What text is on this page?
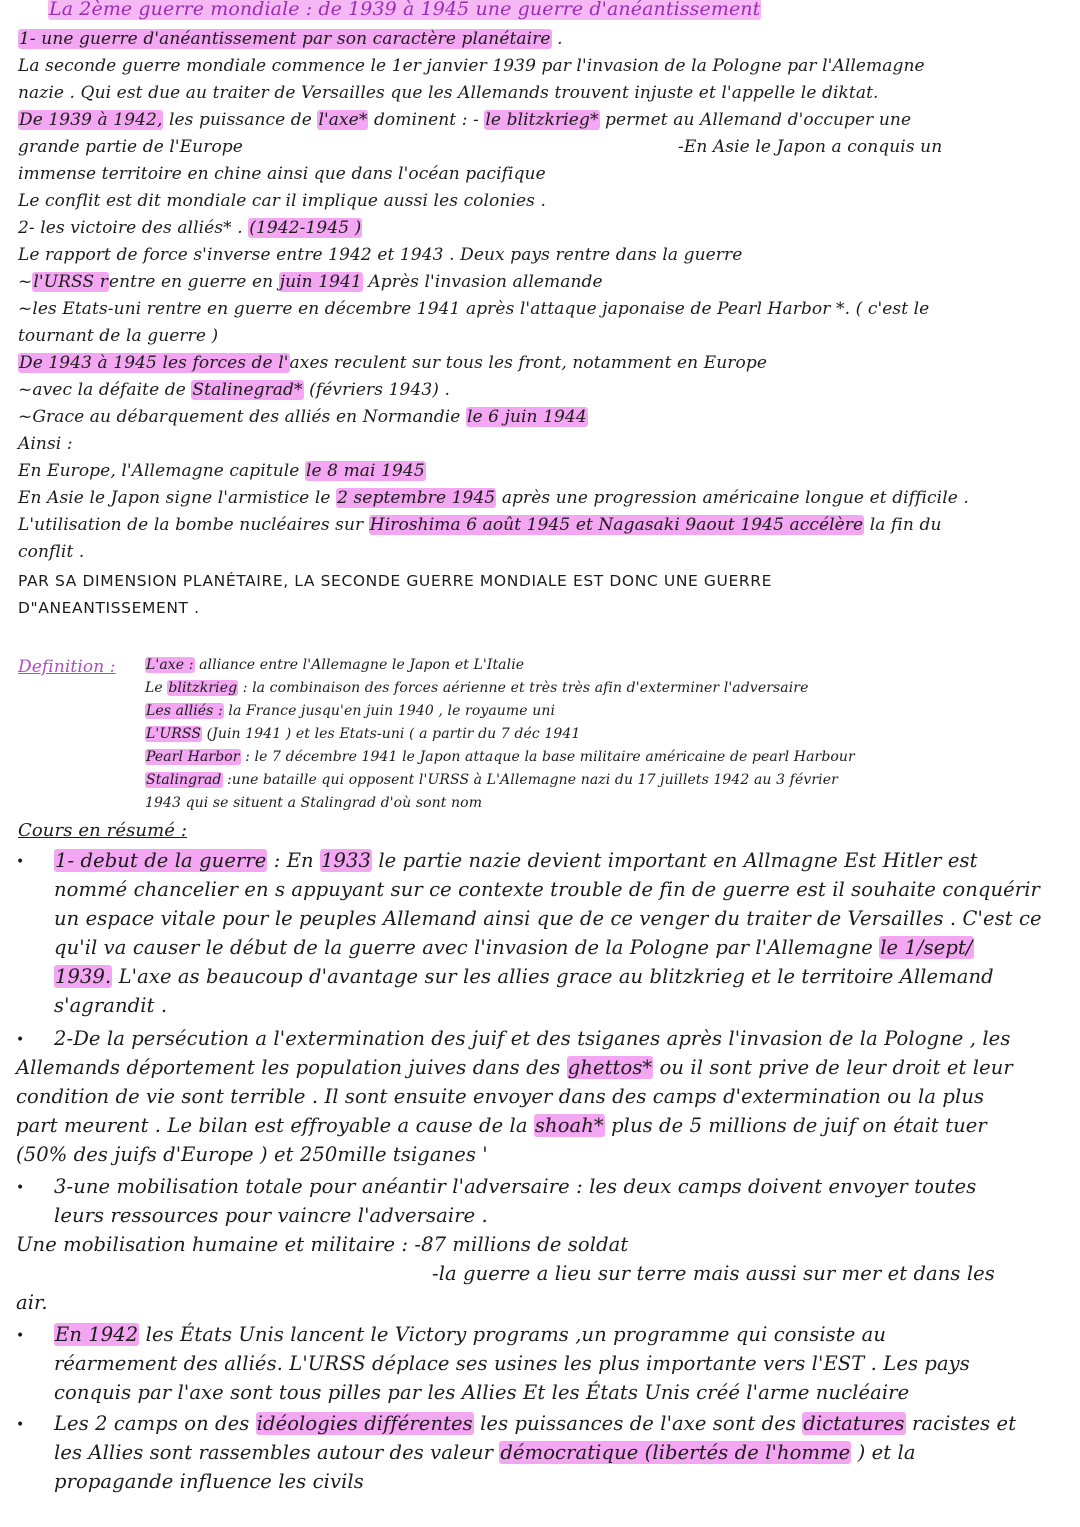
La 2ème guerre mondiale : de 1939 à 1945 une guerre d'anéantissement
1- une guerre d'anéantissement par son caractère planétaire .
La seconde guerre mondiale commence le 1er janvier 1939 par l'invasion de la Pologne par l'Allemagne
nazie . Qui est due au traiter de Versailles que les Allemands trouvent injuste et l'appelle le diktat.
De 1939 à 1942, les puissance de l'axe* dominent : - le blitzkrieg* permet au Allemand d'occuper une
grande partie de l'Europe	-En Asie le Japon a conquis un
immense territoire en chine ainsi que dans l'océan pacifique
Le conflit est dit mondiale car il implique aussi les colonies .
2- les victoire des alliés* . (1942-1945 )
Le rapport de force s'inverse entre 1942 et 1943 . Deux pays rentre dans la guerre
~l'URSS rentre en guerre en juin 1941 Après l'invasion allemande
~les Etats-uni rentre en guerre en décembre 1941 après l'attaque japonaise de Pearl Harbor *. ( c'est le
tournant de la guerre )
De 1943 à 1945 les forces de l'axes reculent sur tous les front, notamment en Europe
~avec la défaite de Stalinegrad* (févriers 1943) .
~Grace au débarquement des alliés en Normandie le 6 juin 1944
Ainsi :
En Europe, l'Allemagne capitule le 8 mai 1945
En Asie le Japon signe l'armistice le 2 septembre 1945 après une progression américaine longue et difficile .
L'utilisation de la bombe nucléaires sur Hiroshima 6 août 1945 et Nagasaki 9aout 1945 accélère la fin du
conflit .
PAR SA DIMENSION PLANÉTAIRE, LA SECONDE GUERRE MONDIALE EST DONC UNE GUERRE
D"ANEANTISSEMENT .
Definition : L'axe : alliance entre l'Allemagne le Japon et L'Italie
Le blitzkrieg : la combinaison des forces aérienne et très très afin d'exterminer l'adversaire
Les alliés : la France jusqu'en juin 1940 , le royaume uni
L'URSS (Juin 1941 ) et les Etats-uni ( a partir du 7 déc 1941
Pearl Harbor : le 7 décembre 1941 le Japon attaque la base militaire américaine de pearl Harbour
Stalingrad :une bataille qui opposent l'URSS à L'Allemagne nazi du 17 juillets 1942 au 3 février
1943 qui se situent a Stalingrad d'où sont nom
Cours en résumé :
• 1- debut de la guerre : En 1933 le partie nazie devient important en Allmagne Est Hitler est
nommé chancelier en s appuyant sur ce contexte trouble de fin de guerre est il souhaite conquérir
un espace vitale pour le peuples Allemand ainsi que de ce venger du traiter de Versailles . C'est ce
qu'il va causer le début de la guerre avec l'invasion de la Pologne par l'Allemagne le 1/sept/
1939. L'axe as beaucoup d'avantage sur les allies grace au blitzkrieg et le territoire Allemand
s'agrandit .
• 2-De la persécution a l'extermination des juif et des tsiganes après l'invasion de la Pologne , les
Allemands déportement les population juives dans des ghettos* ou il sont prive de leur droit et leur
condition de vie sont terrible . Il sont ensuite envoyer dans des camps d'extermination ou la plus
part meurent . Le bilan est effroyable a cause de la shoah* plus de 5 millions de juif on était tuer
(50% des juifs d'Europe ) et 250mille tsiganes '
• 3-une mobilisation totale pour anéantir l'adversaire : les deux camps doivent envoyer toutes
leurs ressources pour vaincre l'adversaire .
Une mobilisation humaine et militaire : -87 millions de soldat
-la guerre a lieu sur terre mais aussi sur mer et dans les
air.
• En 1942 les États Unis lancent le Victory programs ,un programme qui consiste au
réarmement des alliés. L'URSS déplace ses usines les plus importante vers l'EST . Les pays
conquis par l'axe sont tous pilles par les Allies Et les États Unis créé l'arme nucléaire
• Les 2 camps on des idéologies différentes les puissances de l'axe sont des dictatures racistes et
les Allies sont rassembles autour des valeur démocratique (libertés de l'homme ) et la
propagande influence les civils
